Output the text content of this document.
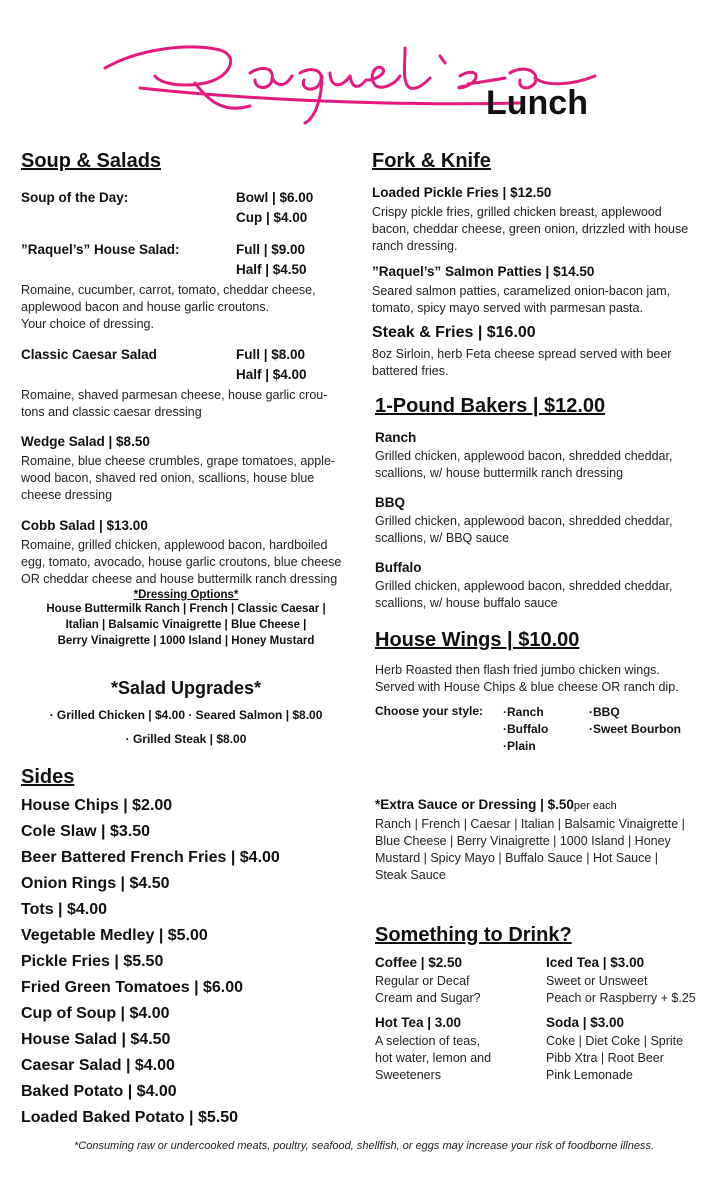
Lunch
Soup & Salads
Soup of the Day:	Bowl | $6.00
Cup | $4.00
”Raquel’s” House Salad:	Full | $9.00
Half | $4.50
Romaine, cucumber, carrot, tomato, cheddar cheese,
applewood bacon and house garlic croutons.
Your choice of dressing.
Classic Caesar Salad	Full | $8.00
Half | $4.00
Romaine, shaved parmesan cheese, house garlic crou-
tons and classic caesar dressing
Wedge Salad | $8.50
Romaine, blue cheese crumbles, grape tomatoes, apple-
wood bacon, shaved red onion, scallions, house blue
cheese dressing
Cobb Salad | $13.00
Romaine, grilled chicken, applewood bacon, hardboiled
egg, tomato, avocado, house garlic croutons, blue cheese
OR cheddar cheese and house buttermilk ranch dressing
*Dressing Options*
House Buttermilk Ranch | French | Classic Caesar |
Italian | Balsamic Vinaigrette | Blue Cheese |
Berry Vinaigrette | 1000 Island | Honey Mustard
*Salad Upgrades*
· Grilled Chicken | $4.00 · Seared Salmon | $8.00
· Grilled Steak | $8.00
Sides
House Chips | $2.00
Cole Slaw | $3.50
Beer Battered French Fries | $4.00
Onion Rings | $4.50
Tots | $4.00
Vegetable Medley | $5.00
Pickle Fries | $5.50
Fried Green Tomatoes | $6.00
Cup of Soup | $4.00
House Salad | $4.50
Caesar Salad | $4.00
Baked Potato | $4.00
Loaded Baked Potato | $5.50
Fork & Knife
Loaded Pickle Fries | $12.50
Crispy pickle fries, grilled chicken breast, applewood
bacon, cheddar cheese, green onion, drizzled with house
ranch dressing.
”Raquel’s” Salmon Patties | $14.50
Seared salmon patties, caramelized onion-bacon jam,
tomato, spicy mayo served with parmesan pasta.
Steak & Fries | $16.00
8oz Sirloin, herb Feta cheese spread served with beer
battered fries.
1-Pound Bakers | $12.00
Ranch
Grilled chicken, applewood bacon, shredded cheddar,
scallions, w/ house buttermilk ranch dressing
BBQ
Grilled chicken, applewood bacon, shredded cheddar,
scallions, w/ BBQ sauce
Buffalo
Grilled chicken, applewood bacon, shredded cheddar,
scallions, w/ house buffalo sauce
House Wings | $10.00
Herb Roasted then flash fried jumbo chicken wings.
Served with House Chips & blue cheese OR ranch dip.
Choose your style: ·Ranch
·Buffalo
·Plain
·BBQ
·Sweet Bourbon
*Extra Sauce or Dressing | $.50per each
Ranch | French | Caesar | Italian | Balsamic Vinaigrette |
Blue Cheese | Berry Vinaigrette | 1000 Island | Honey
Mustard | Spicy Mayo | Buffalo Sauce | Hot Sauce |
Steak Sauce
Something to Drink?
Coffee | $2.50
Regular or Decaf
Cream and Sugar?
Iced Tea | $3.00
Sweet or Unsweet
Peach or Raspberry + $.25
Hot Tea | 3.00
A selection of teas,
hot water, lemon and
Sweeteners
Soda | $3.00
Coke | Diet Coke | Sprite
Pibb Xtra | Root Beer
Pink Lemonade
*Consuming raw or undercooked meats, poultry, seafood, shellfish, or eggs may increase your risk of foodborne illness.
